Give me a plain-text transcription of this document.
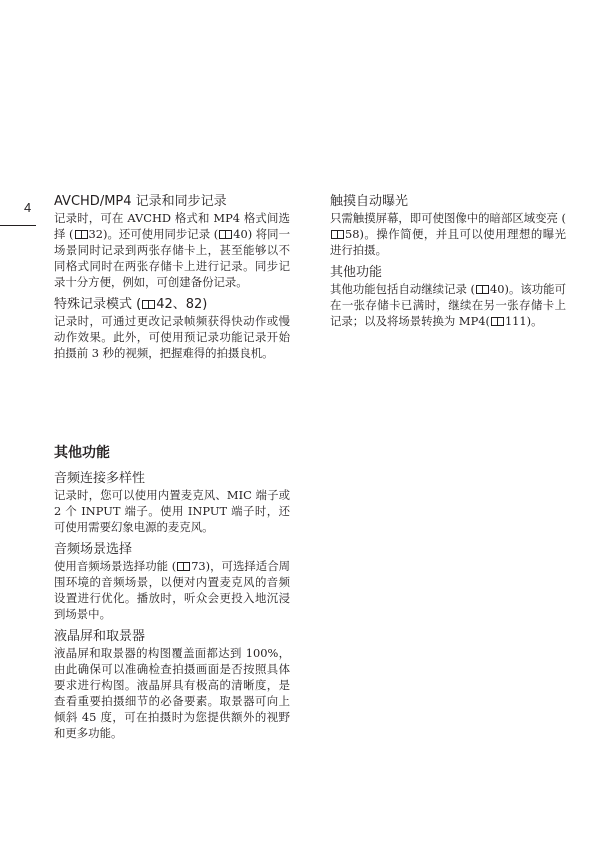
4 AVCHD/MP4 记录和同步记录

记录时，可在 AVCHD 格式和 MP4 格式间选择 ( 32)。还可使用同步记录 ( 40) 将同一场景同时记录到两张存储卡上，甚至能够以不同格式同时在两张存储卡上进行记录。同步记录十分方便，例如，可创建备份记录。

特殊记录模式 ( 42、82)

记录时，可通过更改记录帧频获得快动作或慢动作效果。此外，可使用预记录功能记录开始拍摄前 3 秒的视频，把握难得的拍摄良机。

其他功能

音频连接多样性

记录时，您可以使用内置麦克风、MIC 端子或 2 个 INPUT 端子。使用 INPUT 端子时，还可使用需要幻象电源的麦克风。

音频场景选择

使用音频场景选择功能 ( 73)，可选择适合周围环境的音频场景，以便对内置麦克风的音频设置进行优化。播放时，听众会更投入地沉浸到场景中。

液晶屏和取景器

液晶屏和取景器的构图覆盖面都达到 100%，由此确保可以准确检查拍摄画面是否按照具体要求进行构图。液晶屏具有极高的清晰度，是查看重要拍摄细节的必备要素。取景器可向上倾斜 45 度，可在拍摄时为您提供额外的视野和更多功能。

触摸自动曝光

只需触摸屏幕，即可使图像中的暗部区域变亮 (58)。操作简便，并且可以使用理想的曝光进行拍摄。

其他功能

其他功能包括自动继续记录 ( 40)。该功能可在一张存储卡已满时，继续在另一张存储卡上记录；以及将场景转换为 MP4( 111)。
